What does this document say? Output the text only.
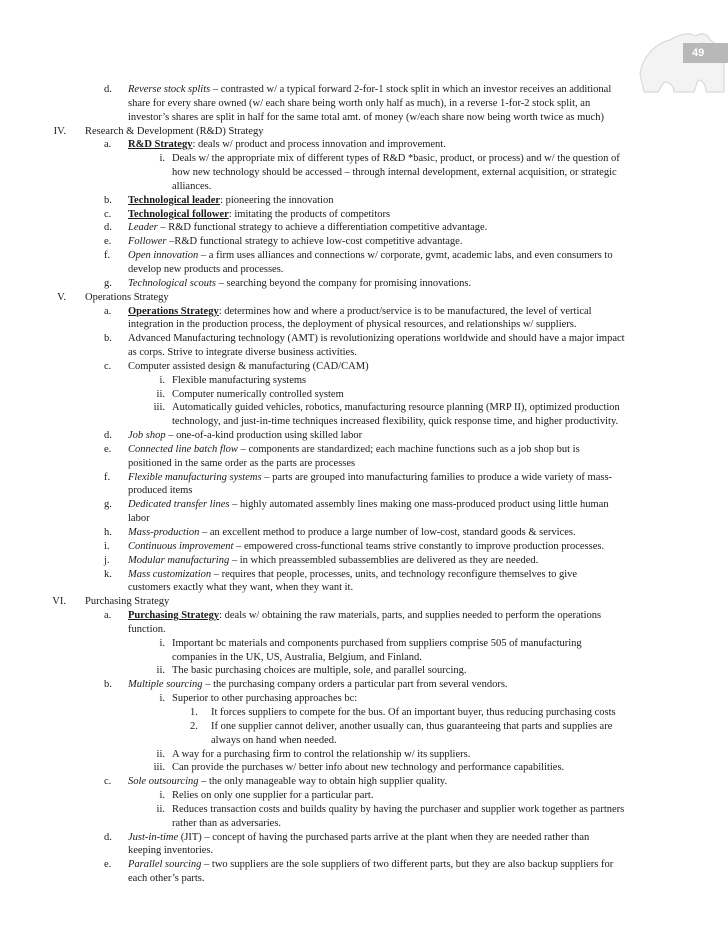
49
d. Reverse stock splits – contrasted w/ a typical forward 2-for-1 stock split in which an investor receives an additional
share for every share owned (w/ each share being worth only half as much), in a reverse 1-for-2 stock split, an
investor’s shares are split in half for the same total amt. of money (w/each share now being worth twice as much)
IV. Research & Development (R&D) Strategy
a. R&D Strategy: deals w/ product and process innovation and improvement.
i. Deals w/ the appropriate mix of different types of R&D *basic, product, or process) and w/ the question of
how new technology should be accessed – through internal development, external acquisition, or strategic
alliances.
b. Technological leader: pioneering the innovation
c. Technological follower: imitating the products of competitors
d. Leader – R&D functional strategy to achieve a differentiation competitive advantage.
e. Follower –R&D functional strategy to achieve low-cost competitive advantage.
f. Open innovation – a firm uses alliances and connections w/ corporate, gvmt, academic labs, and even consumers to
develop new products and processes.
g. Technological scouts – searching beyond the company for promising innovations.
V. Operations Strategy
a. Operations Strategy: determines how and where a product/service is to be manufactured, the level of vertical
integration in the production process, the deployment of physical resources, and relationships w/ suppliers.
b. Advanced Manufacturing technology (AMT) is revolutionizing operations worldwide and should have a major impact
as corps. Strive to integrate diverse business activities.
c. Computer assisted design & manufacturing (CAD/CAM)
i. Flexible manufacturing systems
ii. Computer numerically controlled system
iii. Automatically guided vehicles, robotics, manufacturing resource planning (MRP II), optimized production
technology, and just-in-time techniques increased flexibility, quick response time, and higher productivity.
d. Job shop – one-of-a-kind production using skilled labor
e. Connected line batch flow – components are standardized; each machine functions such as a job shop but is
positioned in the same order as the parts are processes
f. Flexible manufacturing systems – parts are grouped into manufacturing families to produce a wide variety of mass-
produced items
g. Dedicated transfer lines – highly automated assembly lines making one mass-produced product using little human
labor
h. Mass-production – an excellent method to produce a large number of low-cost, standard goods & services.
i. Continuous improvement – empowered cross-functional teams strive constantly to improve production processes.
j. Modular manufacturing – in which preassembled subassemblies are delivered as they are needed.
k. Mass customization – requires that people, processes, units, and technology reconfigure themselves to give
customers exactly what they want, when they want it.
VI. Purchasing Strategy
a. Purchasing Strategy: deals w/ obtaining the raw materials, parts, and supplies needed to perform the operations
function.
i. Important bc materials and components purchased from suppliers comprise 505 of manufacturing
companies in the UK, US, Australia, Belgium, and Finland.
ii. The basic purchasing choices are multiple, sole, and parallel sourcing.
b. Multiple sourcing – the purchasing company orders a particular part from several vendors.
i. Superior to other purchasing approaches bc:
1. It forces suppliers to compete for the bus. Of an important buyer, thus reducing purchasing costs
2. If one supplier cannot deliver, another usually can, thus guaranteeing that parts and supplies are
always on hand when needed.
ii. A way for a purchasing firm to control the relationship w/ its suppliers.
iii. Can provide the purchases w/ better info about new technology and performance capabilities.
c. Sole outsourcing – the only manageable way to obtain high supplier quality.
i. Relies on only one supplier for a particular part.
ii. Reduces transaction costs and builds quality by having the purchaser and supplier work together as partners
rather than as adversaries.
d. Just-in-time (JIT) – concept of having the purchased parts arrive at the plant when they are needed rather than
keeping inventories.
e. Parallel sourcing – two suppliers are the sole suppliers of two different parts, but they are also backup suppliers for
each other’s parts.
